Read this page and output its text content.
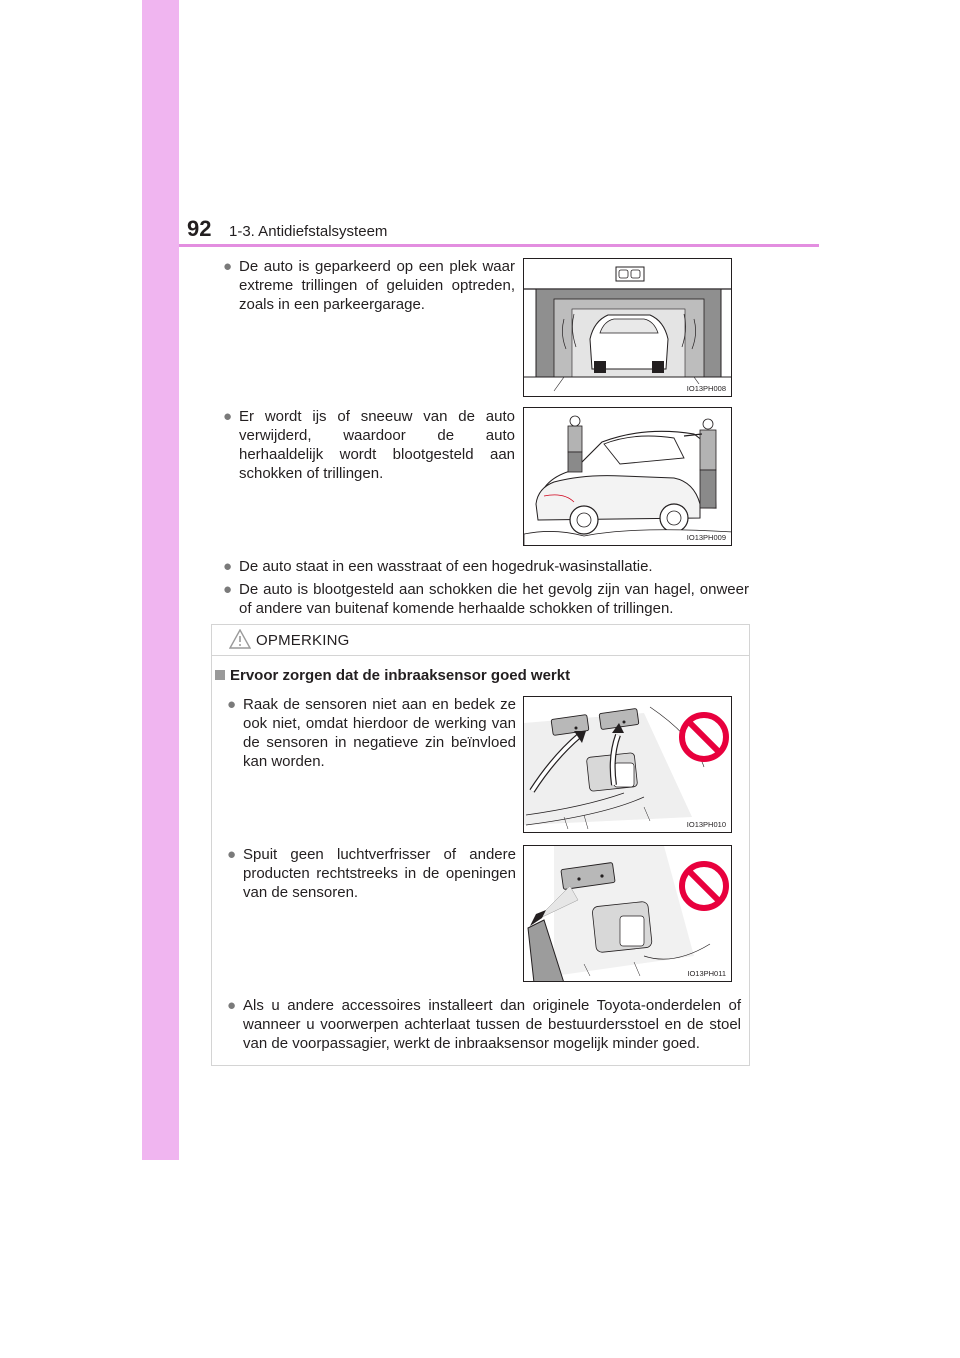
92 1-3. Antidiefstalsysteem
● De auto is geparkeerd op een plek waar extreme trillingen of geluiden optreden, zoals in een parkeergarage.
IO13PH008
● Er wordt ijs of sneeuw van de auto verwijderd, waardoor de auto herhaaldelijk wordt blootgesteld aan schokken of trillingen.
IO13PH009
● De auto staat in een wasstraat of een hogedruk-wasinstallatie.
● De auto is blootgesteld aan schokken die het gevolg zijn van hagel, onweer of andere van buitenaf komende herhaalde schokken of trillingen.
OPMERKING
Ervoor zorgen dat de inbraaksensor goed werkt
● Raak de sensoren niet aan en bedek ze ook niet, omdat hierdoor de werking van de sensoren in negatieve zin beïnvloed kan worden.
IO13PH010
● Spuit geen luchtverfrisser of andere producten rechtstreeks in de openingen van de sensoren.
IO13PH011
● Als u andere accessoires installeert dan originele Toyota-onderdelen of wanneer u voorwerpen achterlaat tussen de bestuurdersstoel en de stoel van de voorpassagier, werkt de inbraaksensor mogelijk minder goed.
